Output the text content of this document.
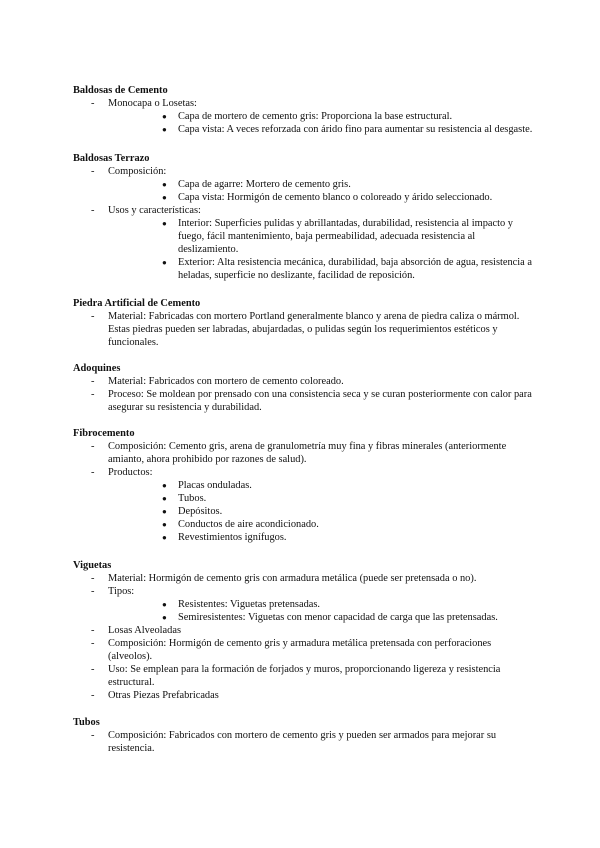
Baldosas de Cemento
- Monocapa o Losetas:
● Capa de mortero de cemento gris: Proporciona la base estructural.
● Capa vista: A veces reforzada con árido fino para aumentar su resistencia al desgaste.
Baldosas Terrazo
- Composición:
● Capa de agarre: Mortero de cemento gris.
● Capa vista: Hormigón de cemento blanco o coloreado y árido seleccionado.
- Usos y características:
● Interior: Superficies pulidas y abrillantadas, durabilidad, resistencia al impacto y fuego, fácil mantenimiento, baja permeabilidad, adecuada resistencia al deslizamiento.
● Exterior: Alta resistencia mecánica, durabilidad, baja absorción de agua, resistencia a heladas, superficie no deslizante, facilidad de reposición.
Piedra Artificial de Cemento
- Material: Fabricadas con mortero Portland generalmente blanco y arena de piedra caliza o mármol. Estas piedras pueden ser labradas, abujardadas, o pulidas según los requerimientos estéticos y funcionales.
Adoquines
- Material: Fabricados con mortero de cemento coloreado.
- Proceso: Se moldean por prensado con una consistencia seca y se curan posteriormente con calor para asegurar su resistencia y durabilidad.
Fibrocemento
- Composición: Cemento gris, arena de granulometría muy fina y fibras minerales (anteriormente amianto, ahora prohibido por razones de salud).
- Productos:
● Placas onduladas.
● Tubos.
● Depósitos.
● Conductos de aire acondicionado.
● Revestimientos ignífugos.
Viguetas
- Material: Hormigón de cemento gris con armadura metálica (puede ser pretensada o no).
- Tipos:
● Resistentes: Viguetas pretensadas.
● Semiresistentes: Viguetas con menor capacidad de carga que las pretensadas.
- Losas Alveoladas
- Composición: Hormigón de cemento gris y armadura metálica pretensada con perforaciones (alveolos).
- Uso: Se emplean para la formación de forjados y muros, proporcionando ligereza y resistencia estructural.
- Otras Piezas Prefabricadas
Tubos
- Composición: Fabricados con mortero de cemento gris y pueden ser armados para mejorar su resistencia.
